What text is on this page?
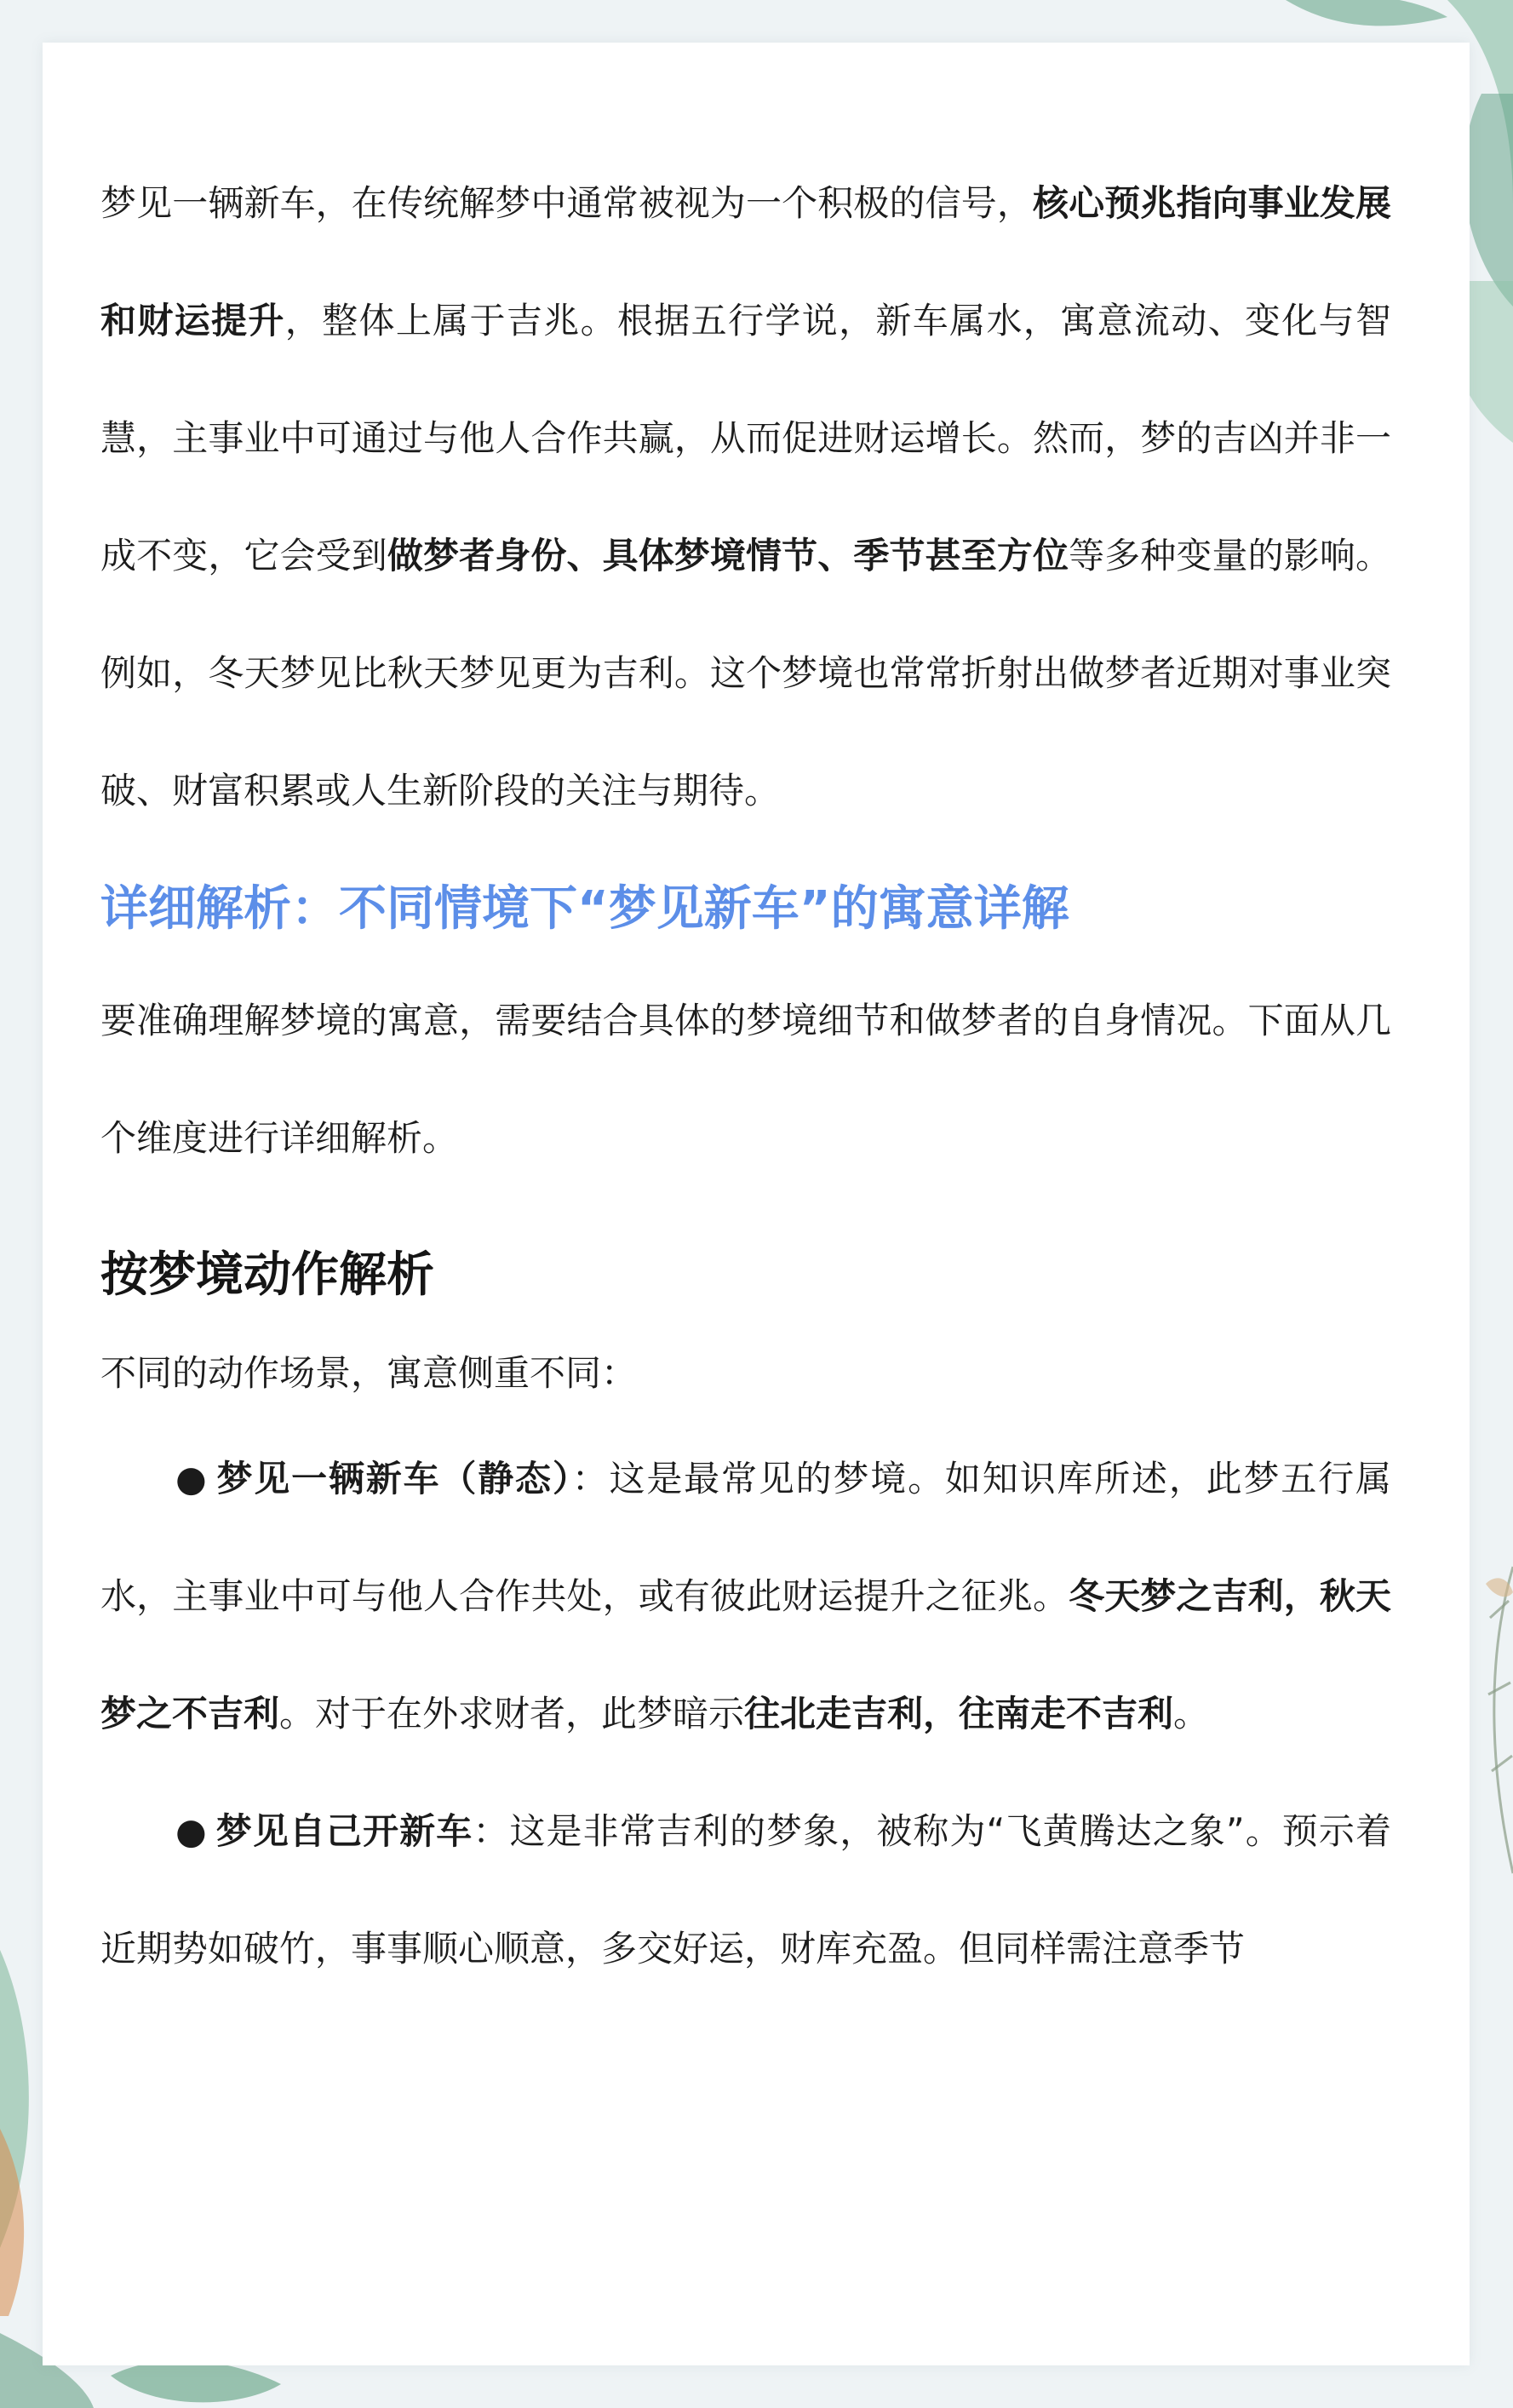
梦见一辆新车，在传统解梦中通常被视为一个积极的信号，核心预兆指向事业发展和财运提升，整体上属于吉兆。根据五行学说，新车属水，寓意流动、变化与智慧，主事业中可通过与他人合作共赢，从而促进财运增长。然而，梦的吉凶并非一成不变，它会受到做梦者身份、具体梦境情节、季节甚至方位等多种变量的影响。例如，冬天梦见比秋天梦见更为吉利。这个梦境也常常折射出做梦者近期对事业突破、财富积累或人生新阶段的关注与期待。

详细解析：不同情境下“梦见新车”的寓意详解

要准确理解梦境的寓意，需要结合具体的梦境细节和做梦者的自身情况。下面从几个维度进行详细解析。

按梦境动作解析

不同的动作场景，寓意侧重不同：

● 梦见一辆新车（静态）：这是最常见的梦境。如知识库所述，此梦五行属水，主事业中可与他人合作共处，或有彼此财运提升之征兆。冬天梦之吉利，秋天梦之不吉利。对于在外求财者，此梦暗示往北走吉利，往南走不吉利。

● 梦见自己开新车：这是非常吉利的梦象，被称为“飞黄腾达之象”。预示着近期势如破竹，事事顺心顺意，多交好运，财库充盈。但同样需注意季节
